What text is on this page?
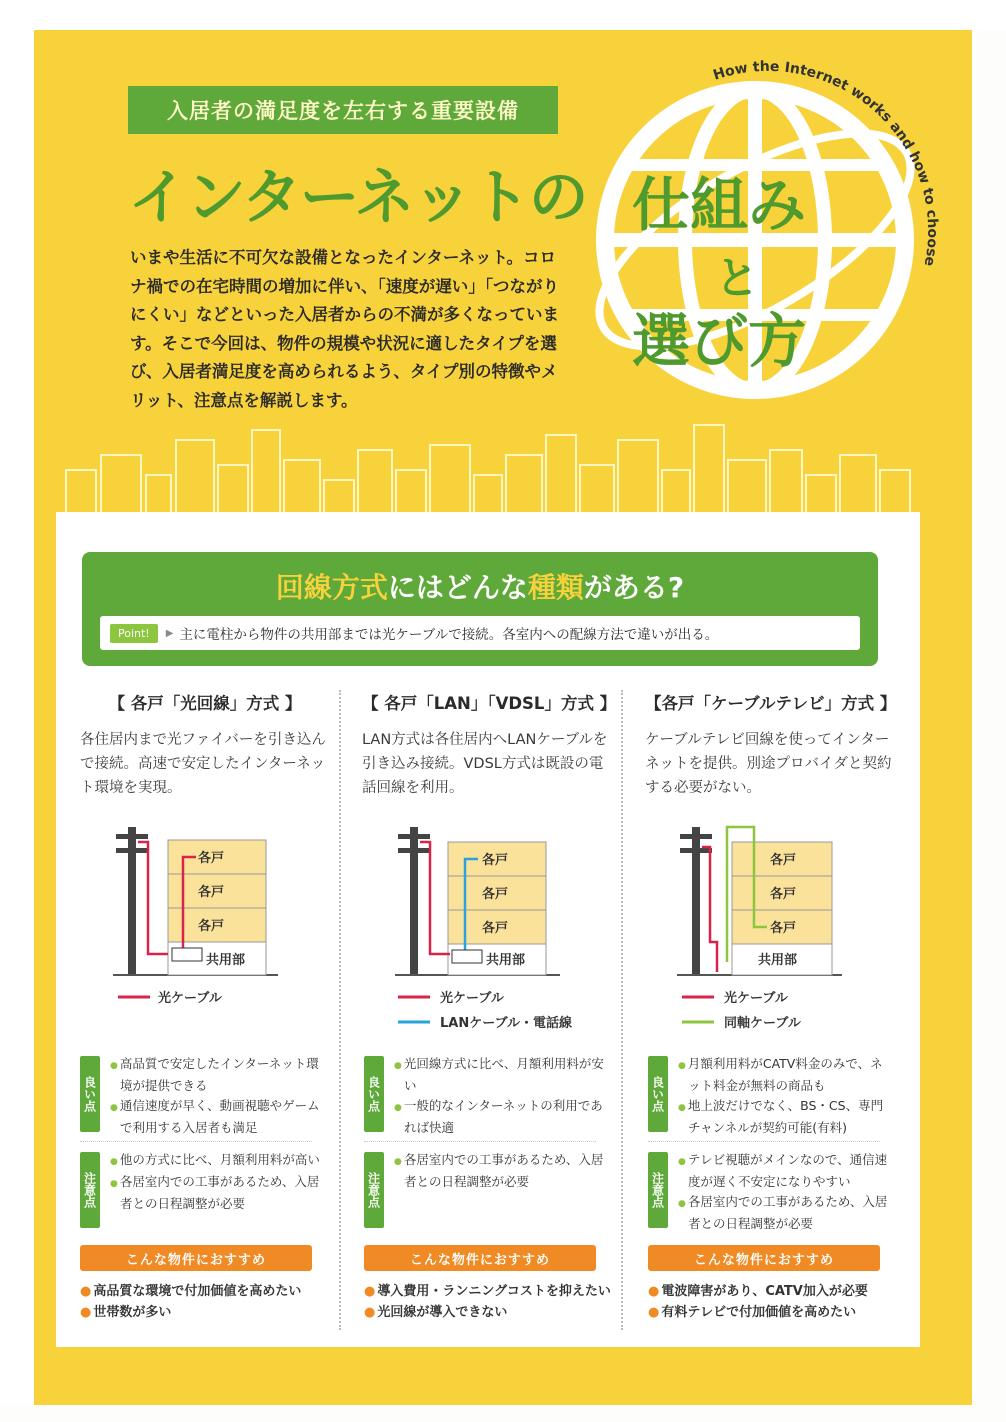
入居者の満足度を左右する重要設備
インターネットの
How the Internet works and how to choose
仕組み
と
選び方
いまや生活に不可欠な設備となったインターネット。コロナ禍での在宅時間の増加に伴い、「速度が遅い」「つながりにくい」などといった入居者からの不満が多くなっています。そこで今回は、物件の規模や状況に適したタイプを選び、入居者満足度を高められるよう、タイプ別の特徴やメリット、注意点を解説します。
回線方式にはどんな種類がある?
Point!	▶ 主に電柱から物件の共用部までは光ケーブルで接続。各室内への配線方法で違いが出る。
【 各戸「光回線」方式 】
各住居内まで光ファイバーを引き込んで接続。高速で安定したインターネット環境を実現。
【 各戸「LAN」「VDSL」方式 】
LAN方式は各住居内へLANケーブルを引き込み接続。VDSL方式は既設の電話回線を利用。
【各戸「ケーブルテレビ」方式 】
ケーブルテレビ回線を使ってインターネットを提供。別途プロバイダと契約する必要がない。
各戸
各戸
各戸
共用部
光ケーブル
各戸
各戸
各戸
共用部
光ケーブル
LANケーブル・電話線
各戸
各戸
各戸
共用部
光ケーブル
同軸ケーブル
良い点
● 高品質で安定したインターネット環境が提供できる
● 通信速度が早く、動画視聴やゲームで利用する入居者も満足
注意点
● 他の方式に比べ、月額利用料が高い
● 各居室内での工事があるため、入居者との日程調整が必要
良い点
● 光回線方式に比べ、月額利用料が安い
● 一般的なインターネットの利用であれば快適
注意点
● 各居室内での工事があるため、入居者との日程調整が必要
良い点
● 月額利用料がCATV料金のみで、ネット料金が無料の商品も
● 地上波だけでなく、BS・CS、専門チャンネルが契約可能(有料)
注意点
● テレビ視聴がメインなので、通信速度が遅く不安定になりやすい
● 各居室内での工事があるため、入居者との日程調整が必要
こんな物件におすすめ	こんな物件におすすめ	こんな物件におすすめ
● 高品質な環境で付加価値を高めたい
● 世帯数が多い
● 導入費用・ランニングコストを抑えたい
● 光回線が導入できない
● 電波障害があり、CATV加入が必要
● 有料テレビで付加価値を高めたい
